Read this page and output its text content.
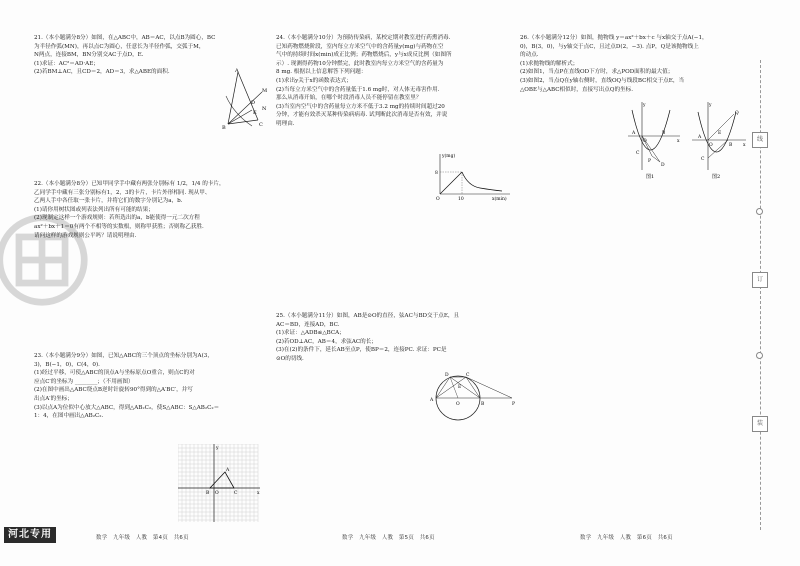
21.（本小题满分8分）如图，在△ABC中，AB＝AC，以点B为圆心，BC

为半径作弧(MN)，再以点C为圆心，任意长为半径作弧，交弧于M，

N两点，连接BM，BN分别交AC于点D，E.

(1)求证：AC²＝AD·AE；

(2)若BM⊥AC，且CD＝2，AD＝3，求△ABE的面积.	A
M
B
N
D
E
C

22.（本小题满分8分）已知甲同学手中藏有两张分别标有 1/2，1/4 的卡片，

乙同学手中藏有三张分别标有1，2，3的卡片，卡片外形相同. 现从甲、

乙两人手中各任取一张卡片，并将它们的数字分别记为a，b.

(1)请你用树状图或列表法列出所有可能的结果；

(2)现制定这样一个游戏规则：若所选出的a，b能使得一元二次方程

ax²＋bx＋1＝0有两个不相等的实数根，则称甲获胜；否则称乙获胜.

请问这样的游戏规则公平吗？请说明理由.

23.（本小题满分9分）如图，已知△ABC的三个顶点的坐标分别为A(3，

3)，B(−1，0)，C(4，0).

(1)经过平移，可使△ABC的顶点A与坐标原点O重合，则点C的对

应点C′的坐标为 ________；（不用画图）

(2)在图中画出△ABC绕点B逆时针旋转90°得到的△A′BC′，并写

出点A′的坐标；

(3)以点A为位似中心放大△ABC，得到△AB₂C₂，使S△ABC：S△AB₂C₂＝

1：4，在图中画出△AB₂C₂.

y
A
B O	C	x

24.（本小题满分10分）为预防传染病，某校定期对教室进行药熏消毒.

已知药物燃烧阶段，室内每立方米空气中的含药量y(mg)与药物在空

气中的持续时间x(min)成正比例；药物燃烧后，y与x成反比例（如图所

示）. 现测得药物10分钟燃完，此时教室内每立方米空气的含药量为

8 mg. 根据以上信息解答下列问题：

(1)求出y关于x的函数表达式；

(2)当每立方米空气中的含药量低于1.6 mg时，对人体无毒害作用.

那么从消毒开始，在哪个时段消毒人员不能停留在教室里？

(3)当室内空气中的含药量每立方米不低于3.2 mg的持续时间超过20

分钟，才能有效杀灭某种传染病病毒. 试判断此次消毒是否有效，并说

明理由.

y(mg)
8
O	10	x(min)

25.（本小题满分11分）如图，AB是⊙O的直径，弦AC与BD交于点E，且

AC＝BD，连接AD，BC.

(1)求证：△ADB≌△BCA；

(2)若OD⊥AC，AB＝4，求弦AC的长；

(3)在(2)的条件下，延长AB至点P，使BP＝2，连接PC. 求证：PC是

⊙O的切线.

D	C
E
A
O	B	P

26.（本小题满分12分）如图，抛物线 y＝ax²＋bx＋c 与x轴交于点A(−1，

0)，B(3，0)，与y轴交于点C，且过点D(2，−3). 点P，Q是该抛物线上

的动点.

(1)求抛物线的解析式；

(2)如图1，当点P在直线OD下方时，求△POD面积的最大值；

(3)如图2，当点Q在y轴右侧时，直线OQ与线段BC相交于点E，当

△OBE与△ABC相似时，直接写出点Q的坐标.

y
A
O
B
x
C
D
P
图1
y
A
O	B x
C
Q
E
图2
线
订
装
河北专用	数学　九年级　人教　第4页　共6页	数学　九年级　人教　第5页　共6页	数学　九年级　人教　第6页　共6页
